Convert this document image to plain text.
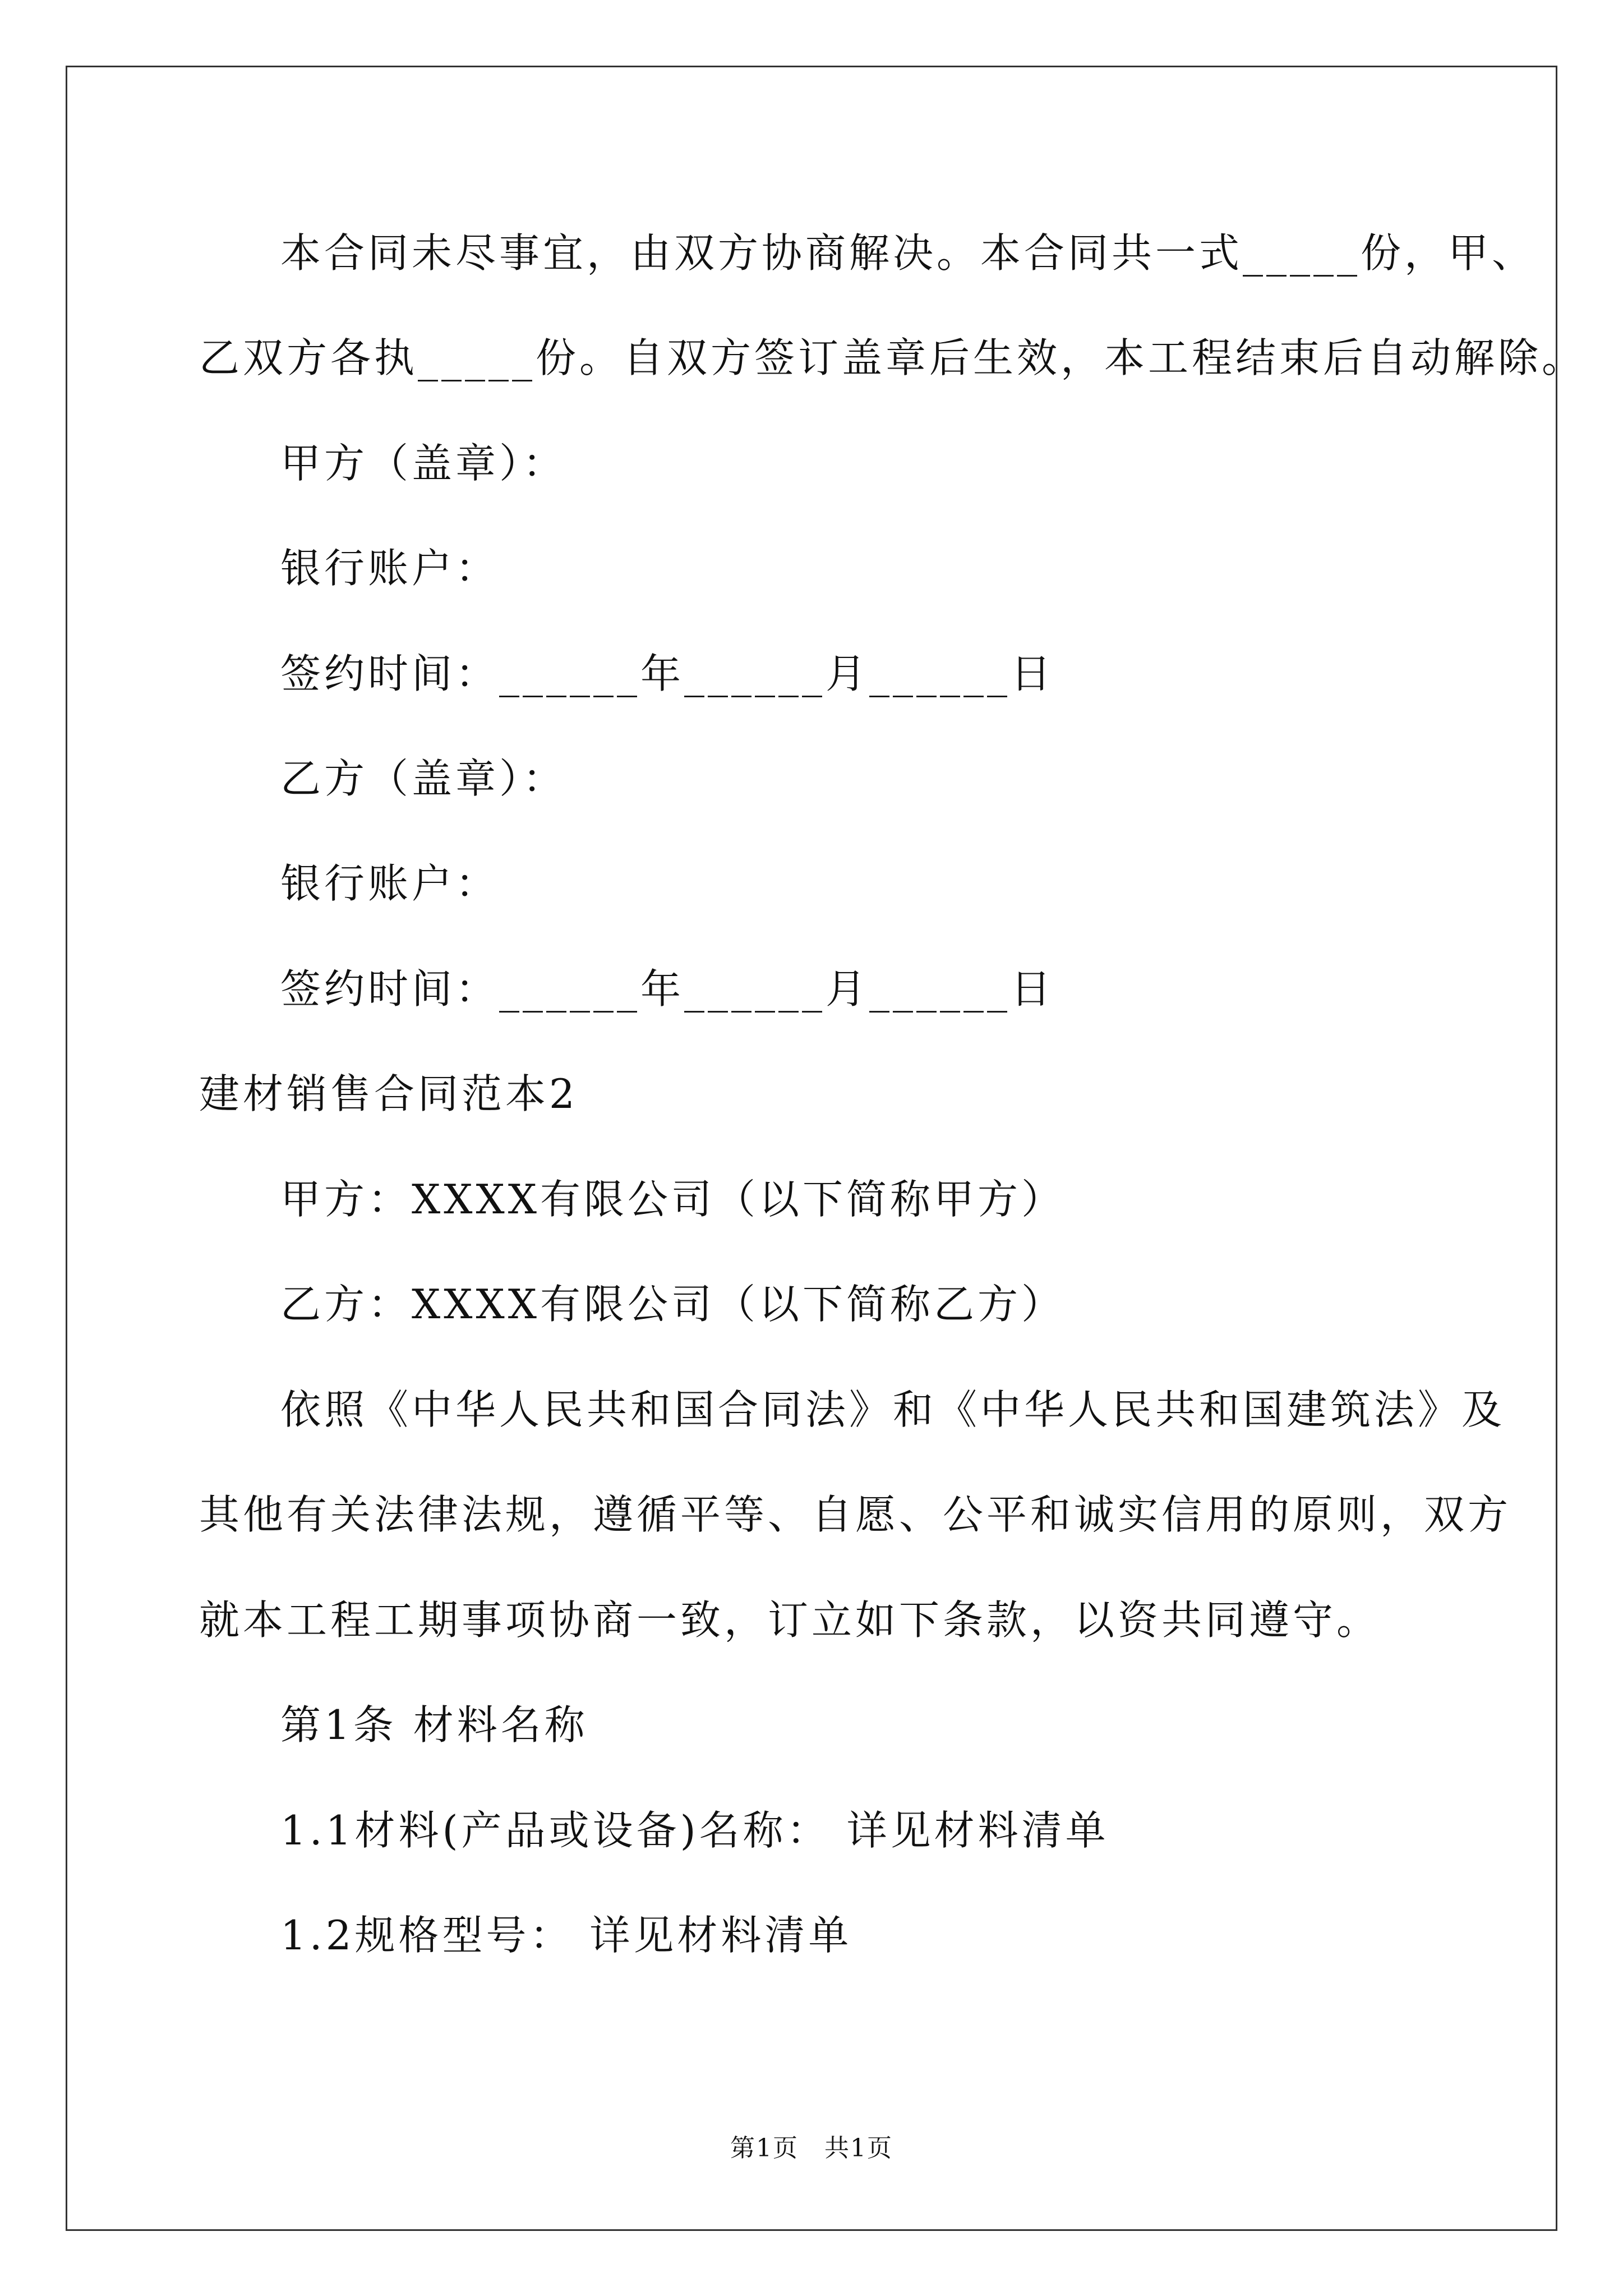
本合同未尽事宜，由双方协商解决。本合同共一式_____份，甲、
乙双方各执_____份。自双方签订盖章后生效，本工程结束后自动解除。
甲方（盖章）：
银行账户：
签约时间：______年______月______日
乙方（盖章）：
银行账户：
签约时间：______年______月______日
建材销售合同范本2
甲方：XXXX有限公司（以下简称甲方）
乙方：XXXX有限公司（以下简称乙方）
依照《中华人民共和国合同法》和《中华人民共和国建筑法》及
其他有关法律法规，遵循平等、自愿、公平和诚实信用的原则，双方
就本工程工期事项协商一致，订立如下条款，以资共同遵守。
第1条 材料名称
1.1材料(产品或设备)名称： 详见材料清单
1.2规格型号： 详见材料清单
第1页　共1页
